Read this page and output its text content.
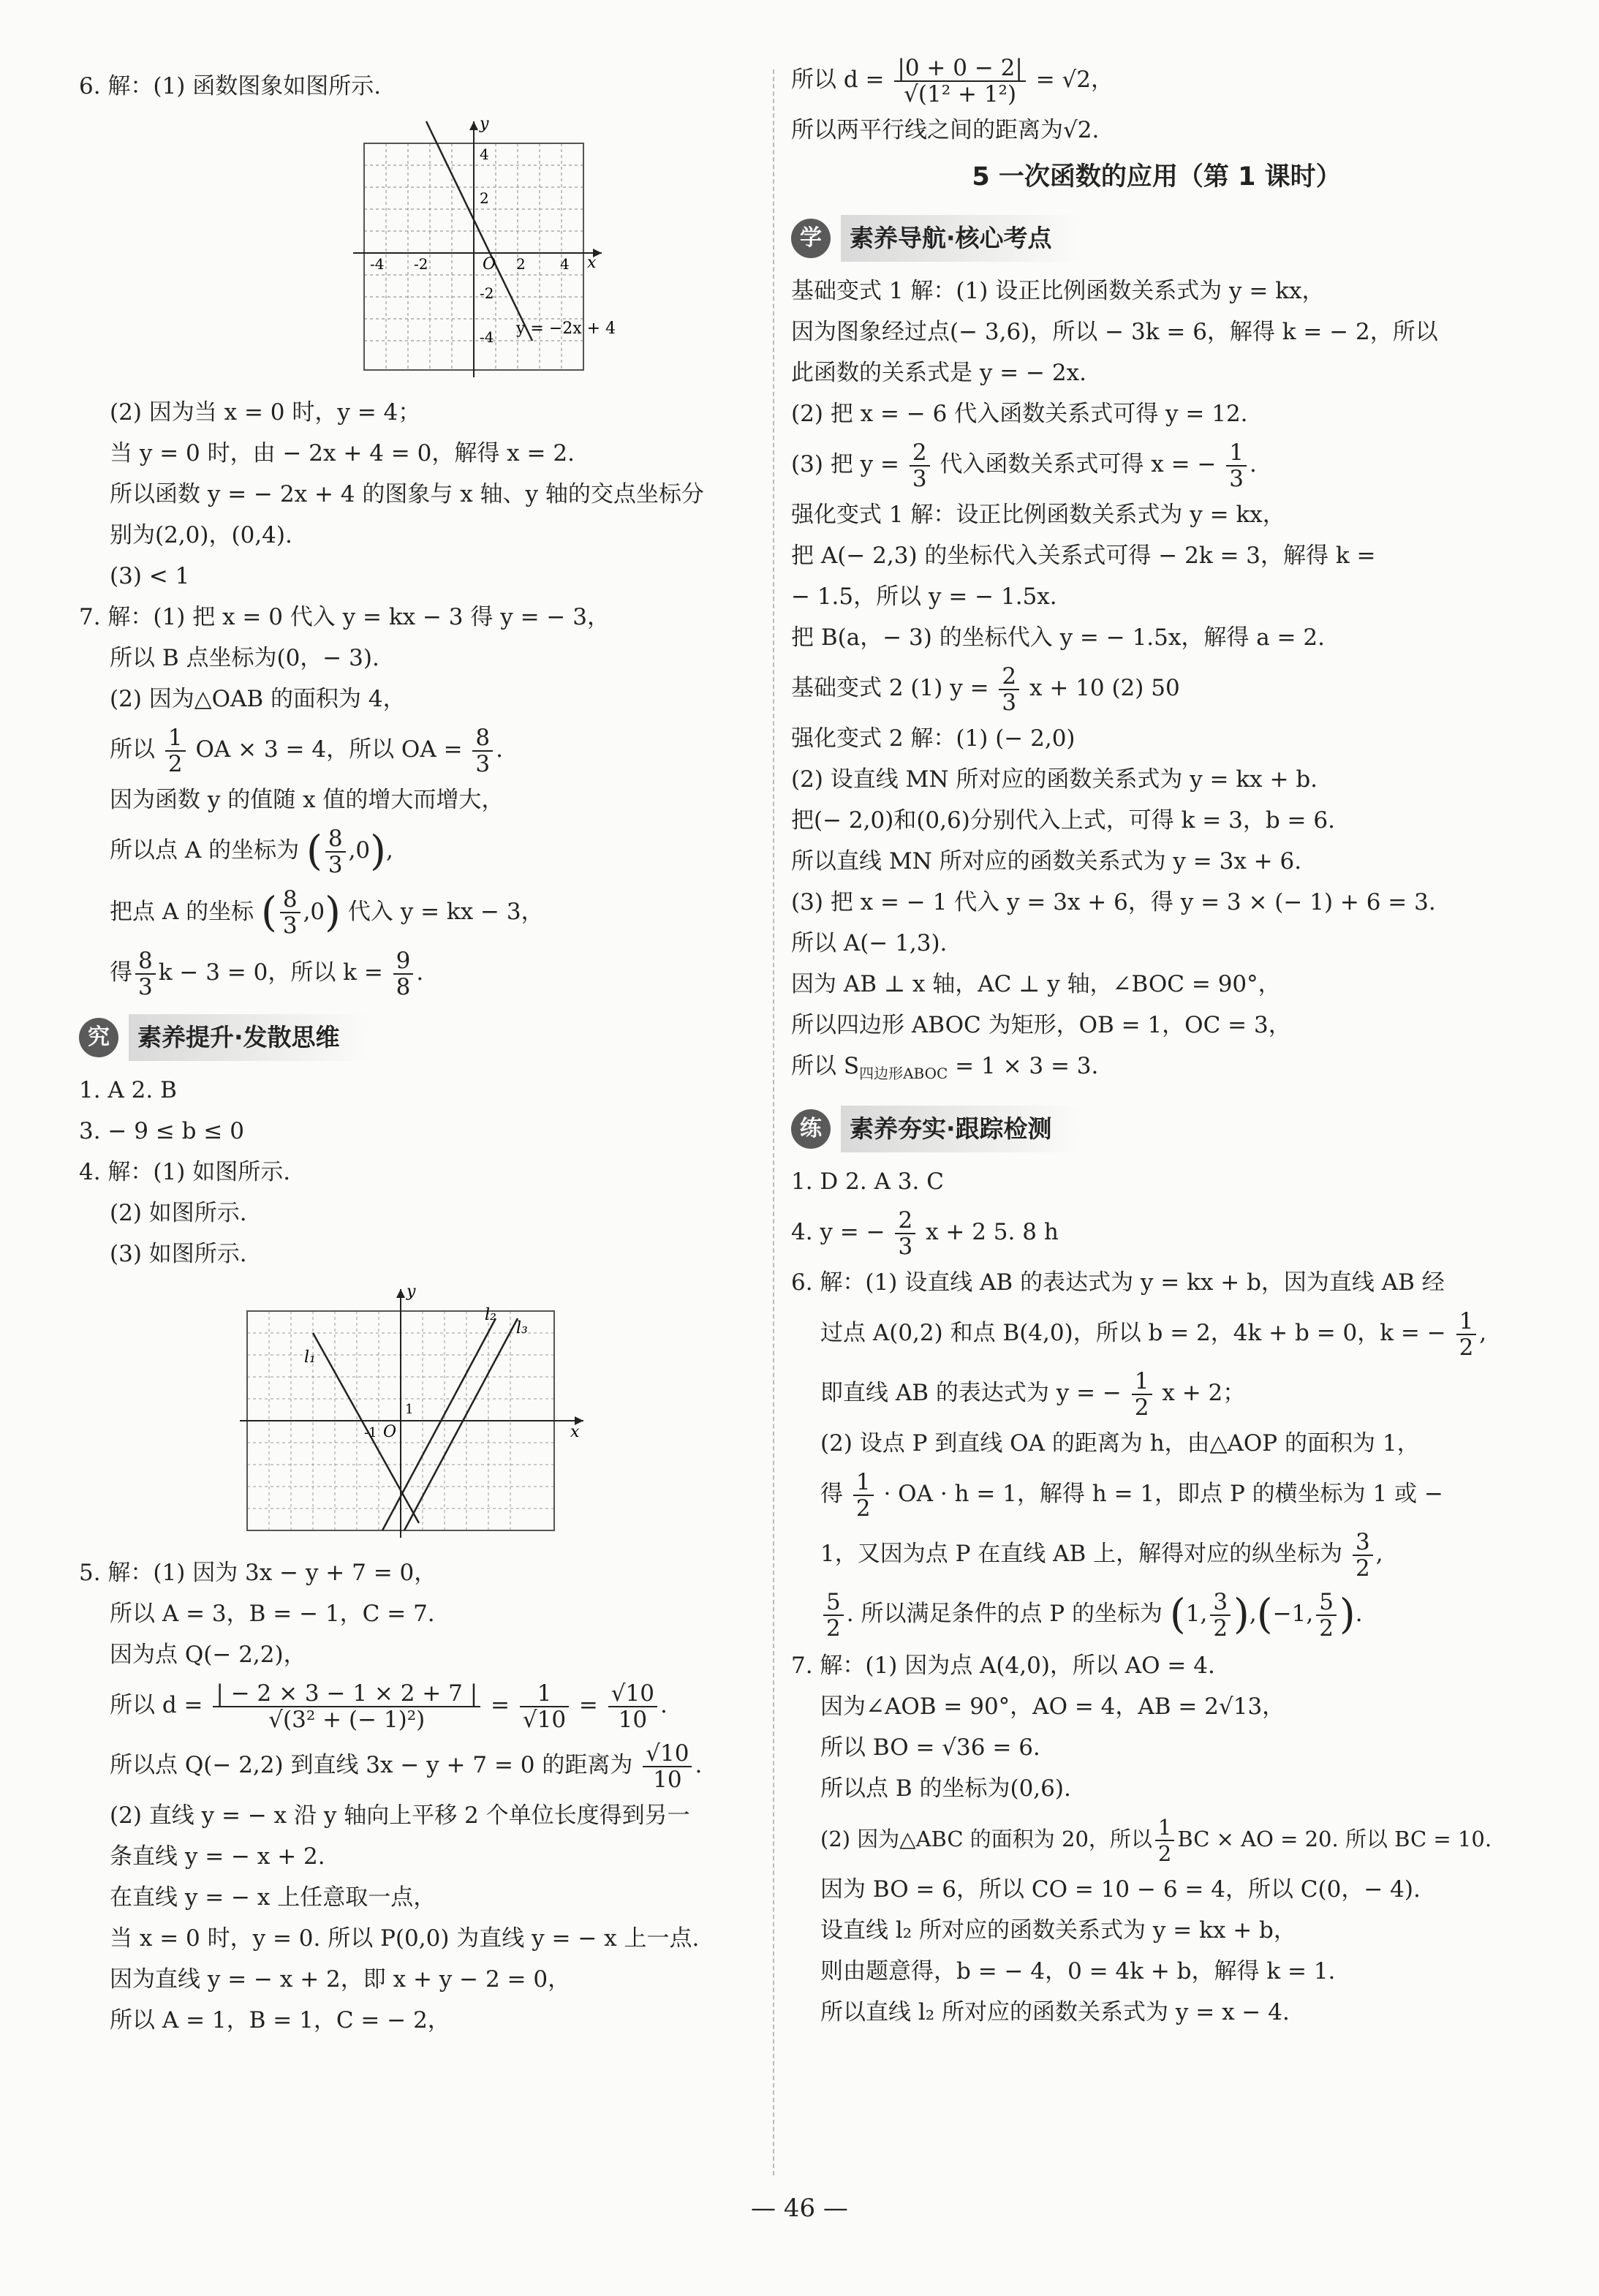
6. 解：(1) 函数图象如图所示.
y
x
O
4
2
2 4
-4 -2
-2
-4 y = −2x + 4
(2) 因为当 x = 0 时，y = 4；
当 y = 0 时，由 − 2x + 4 = 0，解得 x = 2.
所以函数 y = − 2x + 4 的图象与 x 轴、y 轴的交点坐标分
别为(2,0)，(0,4).
(3) < 1
7. 解：(1) 把 x = 0 代入 y = kx − 3 得 y = − 3，
所以 B 点坐标为(0，− 3).
(2) 因为△OAB 的面积为 4，
所以 $\frac{1}{2}$ OA × 3 = 4，所以 OA = $\frac{8}{3}$ .
因为函数 y 的值随 x 值的增大而增大，
所以点 A 的坐标为 ( $\frac{8}{3} ,0$),
把点 A 的坐标 ( $\frac{8}{3} ,0$) 代入 y = kx − 3，
得 $\frac{8}{3}$ k − 3 = 0，所以 $k = \frac{9}{8}$ .
究	素养提升·发散思维
1. A 2. B
3. − 9 ≤ b ≤ 0
4. 解：(1) 如图所示.
(2) 如图所示.
(3) 如图所示.
l₁
l₂
l₃
y
x
O
1
-1
5. 解：(1) 因为 3x − y + 7 = 0，
所以 A = 3，B = − 1，C = 7.
因为点 Q(− 2,2)，
所以 $d = \frac{| - 2 \times 3 - 1 \times 2 + 7 |}{\text{√(3² + (− 1)²)}} = \frac{1}{√10} = \frac{√10}{10}$ .
所以点 Q(− 2,2) 到直线 3x − y + 7 = 0 的距离为 $\frac{√10}{10}$ .
(2) 直线 y = − x 沿 y 轴向上平移 2 个单位长度得到另一
条直线 y = − x + 2.
在直线 y = − x 上任意取一点，
当 x = 0 时，y = 0. 所以 P(0,0) 为直线 y = − x 上一点.
因为直线 y = − x + 2，即 x + y − 2 = 0，
所以 A = 1，B = 1，C = − 2，
所以 $d = \frac{|0 + 0 - 2|}{\text{√(1² + 1²)}} = √2$，
所以两平行线之间的距离为√2.
5 一次函数的应用（第 1 课时）
学	素养导航·核心考点
基础变式 1 解：(1) 设正比例函数关系式为 y = kx，
因为图象经过点(− 3,6)，所以 − 3k = 6，解得 k = − 2，所以
此函数的关系式是 y = − 2x.
(2) 把 x = − 6 代入函数关系式可得 y = 12.
(3) 把 $y = \frac{2}{3}$ 代入函数关系式可得 x = − $\frac{1}{3}$ .
强化变式 1 解：设正比例函数关系式为 y = kx，
把 A(− 2,3) 的坐标代入关系式可得 − 2k = 3，解得 k =
− 1.5，所以 y = − 1.5x.
把 B(a，− 3) 的坐标代入 y = − 1.5x，解得 a = 2.
基础变式 2 (1) $y = \frac{2}{3}$ x + 10 (2) 50
强化变式 2 解：(1) (− 2,0)
(2) 设直线 MN 所对应的函数关系式为 y = kx + b.
把(− 2,0)和(0,6)分别代入上式，可得 k = 3，b = 6.
所以直线 MN 所对应的函数关系式为 y = 3x + 6.
(3) 把 x = − 1 代入 y = 3x + 6，得 y = 3 × (− 1) + 6 = 3.
所以 A(− 1,3).
因为 AB ⊥ x 轴，AC ⊥ y 轴，∠BOC = 90°，
所以四边形 ABOC 为矩形，OB = 1，OC = 3，
所以 $S_{四边形ABOC} = 1 \times 3 = 3$.
练	素养夯实·跟踪检测
1. D 2. A 3. C
4. y = − $\frac{2}{3}$ x + 2 5. 8 h
6. 解：(1) 设直线 AB 的表达式为 y = kx + b，因为直线 AB 经
过点 A(0,2) 和点 B(4,0)，所以 b = 2，4k + b = 0，k = − $\frac{1}{2}$ ,
即直线 AB 的表达式为 y = − $\frac{1}{2}$ x + 2；
(2) 设点 P 到直线 OA 的距离为 h，由△AOP 的面积为 1，
得 $\frac{1}{2}$ · OA · h = 1，解得 h = 1，即点 P 的横坐标为 1 或 −
1，又因为点 P 在直线 AB 上，解得对应的纵坐标为 $\frac{3}{2}$ ,
$\frac{5}{2}$ . 所以满足条件的点 P 的坐标为 (1, $\frac{3}{2} ),(-1$, $\frac{5}{2}$ ).
7. 解：(1) 因为点 A(4,0)，所以 AO = 4.
因为∠AOB = 90°，AO = 4，AB = 2√13，
所以 BO = √36 = 6.
所以点 B 的坐标为(0,6).
(2) 因为△ABC 的面积为 20，所以 $\frac{1}{2}$ BC × AO = 20. 所以 BC = 10.
因为 BO = 6，所以 CO = 10 − 6 = 4，所以 C(0，− 4).
设直线 l₂ 所对应的函数关系式为 y = kx + b，
则由题意得，b = − 4，0 = 4k + b，解得 k = 1.
所以直线 l₂ 所对应的函数关系式为 y = x − 4.
— 46 —
